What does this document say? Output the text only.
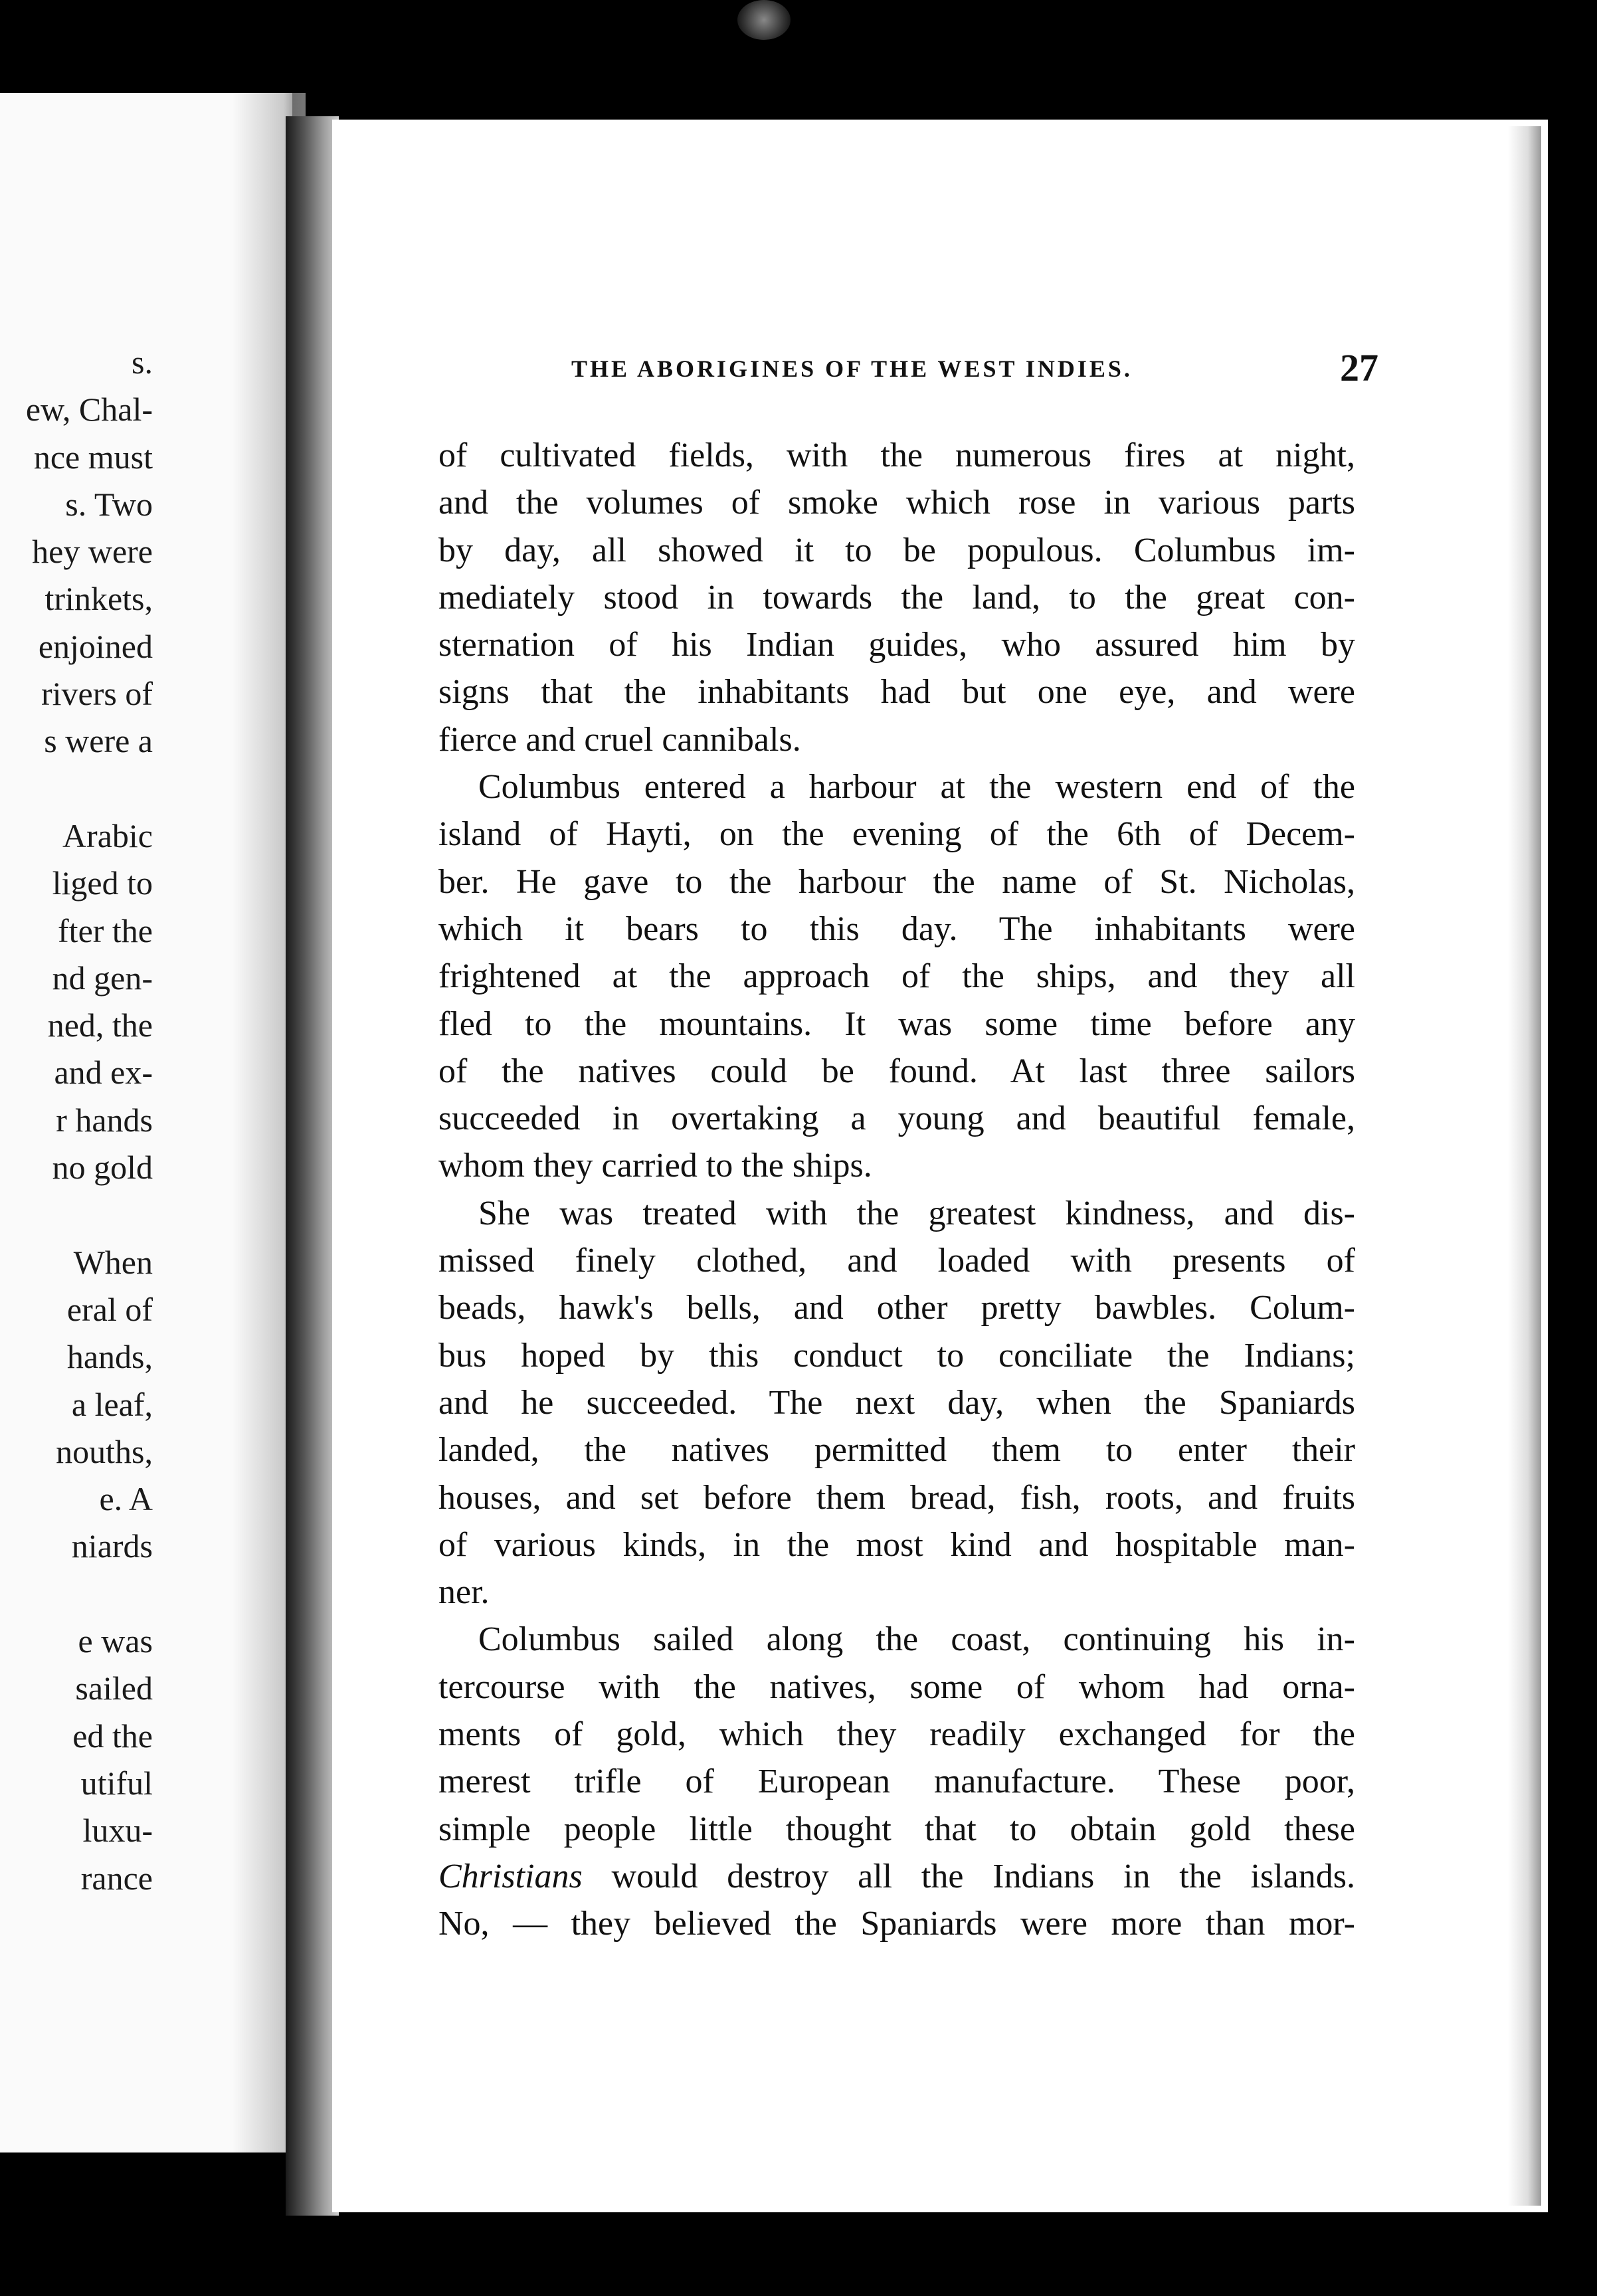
s.
ew, Chal-
nce must
s. Two
hey were
trinkets,
enjoined
rivers of
s were a
Arabic
liged to
fter the
nd gen-
ned, the
and ex-
r hands
no gold
When
eral of
hands,
a leaf,
nouths,
e. A
niards
e was
sailed
ed the
utiful
luxu-
rance
THE ABORIGINES OF THE WEST INDIES.	27
of cultivated fields, with the numerous fires at night,
and the volumes of smoke which rose in various parts
by day, all showed it to be populous. Columbus im-
mediately stood in towards the land, to the great con-
sternation of his Indian guides, who assured him by
signs that the inhabitants had but one eye, and were
fierce and cruel cannibals.
Columbus entered a harbour at the western end of the
island of Hayti, on the evening of the 6th of Decem-
ber. He gave to the harbour the name of St. Nicholas,
which it bears to this day. The inhabitants were
frightened at the approach of the ships, and they all
fled to the mountains. It was some time before any
of the natives could be found. At last three sailors
succeeded in overtaking a young and beautiful female,
whom they carried to the ships.
She was treated with the greatest kindness, and dis-
missed finely clothed, and loaded with presents of
beads, hawk's bells, and other pretty bawbles. Colum-
bus hoped by this conduct to conciliate the Indians;
and he succeeded. The next day, when the Spaniards
landed, the natives permitted them to enter their
houses, and set before them bread, fish, roots, and fruits
of various kinds, in the most kind and hospitable man-
ner.
Columbus sailed along the coast, continuing his in-
tercourse with the natives, some of whom had orna-
ments of gold, which they readily exchanged for the
merest trifle of European manufacture. These poor,
simple people little thought that to obtain gold these
Christians would destroy all the Indians in the islands.
No, — they believed the Spaniards were more than mor-
